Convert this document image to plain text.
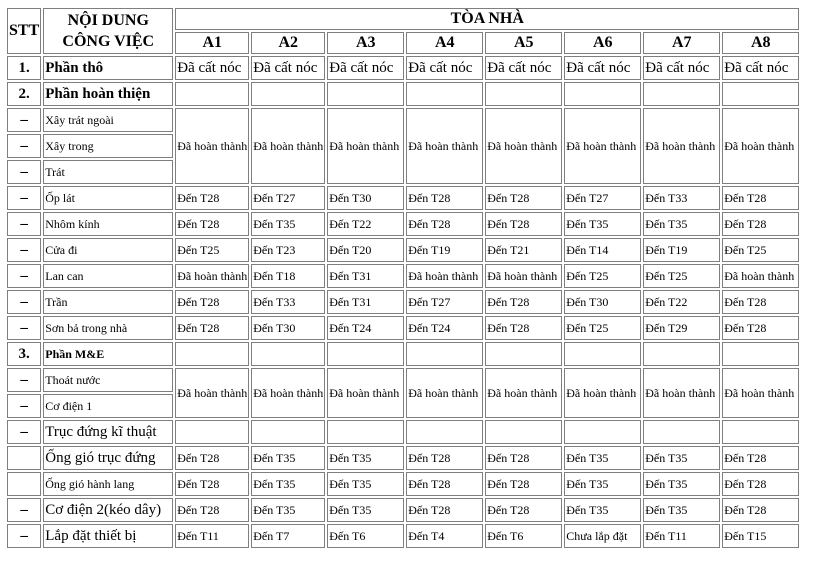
STT	NỘI DUNG CÔNG VIỆC	TÒA NHÀ							
		A1	A2	A3	A4	A5	A6	A7	A8
1.	Phần thô	Đã cất nóc	Đã cất nóc	Đã cất nóc	Đã cất nóc	Đã cất nóc	Đã cất nóc	Đã cất nóc	Đã cất nóc
2.	Phần hoàn thiện								
–	Xây trát ngoài	Đã hoàn thành	Đã hoàn thành	Đã hoàn thành	Đã hoàn thành	Đã hoàn thành	Đã hoàn thành	Đã hoàn thành	Đã hoàn thành
–	Xây trong								
–	Trát								
–	Ốp lát	Đến T28	Đến T27	Đến T30	Đến T28	Đến T28	Đến T27	Đến T33	Đến T28
–	Nhôm kính	Đến T28	Đến T35	Đến T22	Đến T28	Đến T28	Đến T35	Đến T35	Đến T28
–	Cửa đi	Đến T25	Đến T23	Đến T20	Đến T19	Đến T21	Đến T14	Đến T19	Đến T25
–	Lan can	Đã hoàn thành	Đến T18	Đến T31	Đã hoàn thành	Đã hoàn thành	Đến T25	Đến T25	Đã hoàn thành
–	Trần	Đến T28	Đến T33	Đến T31	Đến T27	Đến T28	Đến T30	Đến T22	Đến T28
–	Sơn bả trong nhà	Đến T28	Đến T30	Đến T24	Đến T24	Đến T28	Đến T25	Đến T29	Đến T28
3.	Phần M&E								
–	Thoát nước	Đã hoàn thành	Đã hoàn thành	Đã hoàn thành	Đã hoàn thành	Đã hoàn thành	Đã hoàn thành	Đã hoàn thành	Đã hoàn thành
–	Cơ điện 1								
–	Trục đứng kĩ thuật								
	Ống gió trục đứng	Đến T28	Đến T35	Đến T35	Đến T28	Đến T28	Đến T35	Đến T35	Đến T28
	Ống gió hành lang	Đến T28	Đến T35	Đến T35	Đến T28	Đến T28	Đến T35	Đến T35	Đến T28
–	Cơ điện 2(kéo dây)	Đến T28	Đến T35	Đến T35	Đến T28	Đến T28	Đến T35	Đến T35	Đến T28
–	Lắp đặt thiết bị	Đến T11	Đến T7	Đến T6	Đến T4	Đến T6	Chưa lắp đặt	Đến T11	Đến T15
